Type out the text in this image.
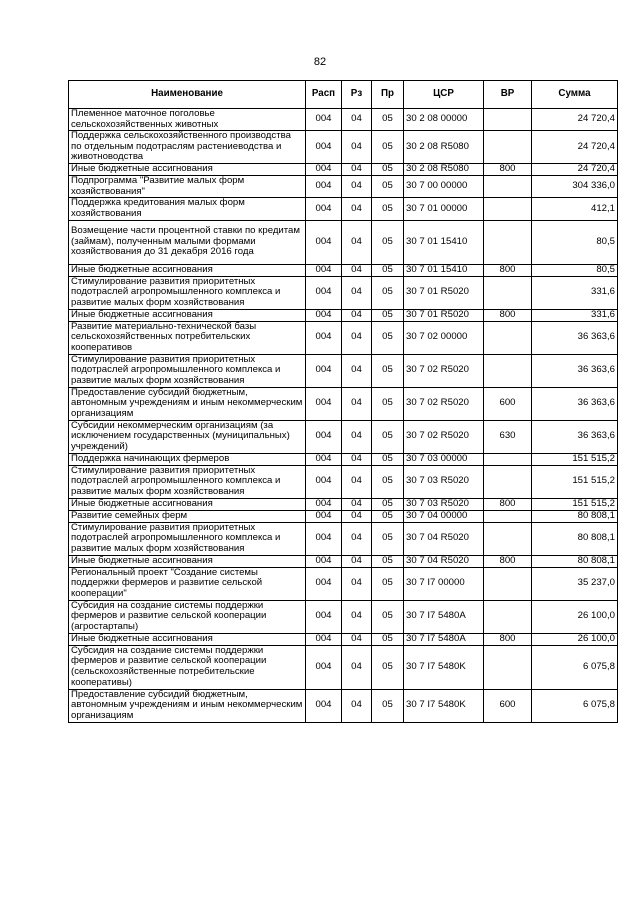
82
Наименование	Расп	Рз	Пр	ЦСР	ВР	Сумма
Племенное маточное поголовье сельскохозяйственных животных	004	04	05	30 2 08 00000		24 720,4
Поддержка сельскохозяйственного производства по отдельным подотраслям растениеводства и животноводства	004	04	05	30 2 08 R5080		24 720,4
Иные бюджетные ассигнования	004	04	05	30 2 08 R5080	800	24 720,4
Подпрограмма "Развитие малых форм хозяйствования"	004	04	05	30 7 00 00000		304 336,0
Поддержка кредитования малых форм хозяйствования	004	04	05	30 7 01 00000		412,1
Возмещение части процентной ставки по кредитам (займам), полученным малыми формами хозяйствования до 31 декабря 2016 года	004	04	05	30 7 01 15410		80,5
Иные бюджетные ассигнования	004	04	05	30 7 01 15410	800	80,5
Стимулирование развития приоритетных подотраслей агропромышленного комплекса и развитие малых форм хозяйствования	004	04	05	30 7 01 R5020		331,6
Иные бюджетные ассигнования	004	04	05	30 7 01 R5020	800	331,6
Развитие материально-технической базы сельскохозяйственных потребительских кооперативов	004	04	05	30 7 02 00000		36 363,6
Стимулирование развития приоритетных подотраслей агропромышленного комплекса и развитие малых форм хозяйствования	004	04	05	30 7 02 R5020		36 363,6
Предоставление субсидий бюджетным, автономным учреждениям и иным некоммерческим организациям	004	04	05	30 7 02 R5020	600	36 363,6
Субсидии некоммерческим организациям (за исключением государственных (муниципальных) учреждений)	004	04	05	30 7 02 R5020	630	36 363,6
Поддержка начинающих фермеров	004	04	05	30 7 03 00000		151 515,2
Стимулирование развития приоритетных подотраслей агропромышленного комплекса и развитие малых форм хозяйствования	004	04	05	30 7 03 R5020		151 515,2
Иные бюджетные ассигнования	004	04	05	30 7 03 R5020	800	151 515,2
Развитие семейных ферм	004	04	05	30 7 04 00000		80 808,1
Стимулирование развития приоритетных подотраслей агропромышленного комплекса и развитие малых форм хозяйствования	004	04	05	30 7 04 R5020		80 808,1
Иные бюджетные ассигнования	004	04	05	30 7 04 R5020	800	80 808,1
Региональный проект "Создание системы поддержки фермеров и развитие сельской кооперации"	004	04	05	30 7 I7 00000		35 237,0
Субсидия на создание системы поддержки фермеров и развитие сельской кооперации (агростартапы)	004	04	05	30 7 I7 5480A		26 100,0
Иные бюджетные ассигнования	004	04	05	30 7 I7 5480A	800	26 100,0
Субсидия на создание системы поддержки фермеров и развитие сельской кооперации (сельскохозяйственные потребительские кооперативы)	004	04	05	30 7 I7 5480K		6 075,8
Предоставление субсидий бюджетным, автономным учреждениям и иным некоммерческим организациям	004	04	05	30 7 I7 5480K	600	6 075,8
